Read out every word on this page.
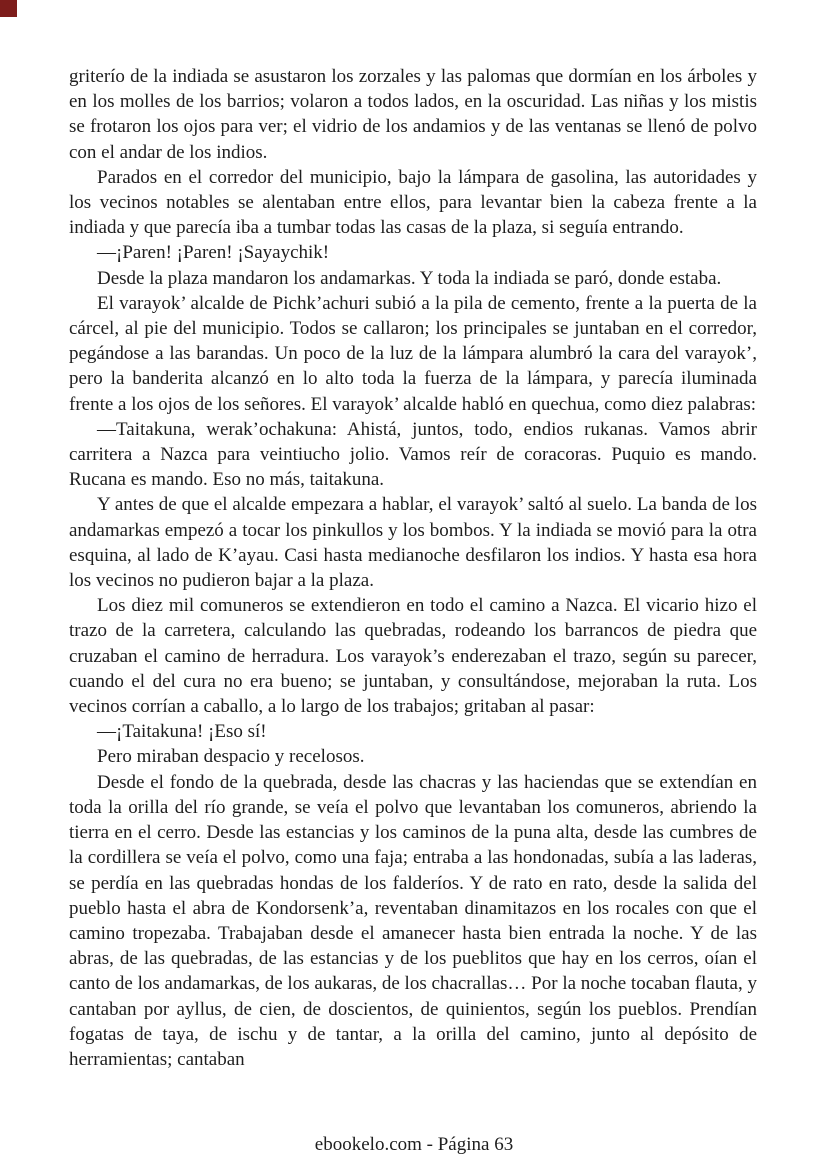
griterío de la indiada se asustaron los zorzales y las palomas que dormían en los árboles y en los molles de los barrios; volaron a todos lados, en la oscuridad. Las niñas y los mistis se frotaron los ojos para ver; el vidrio de los andamios y de las ventanas se llenó de polvo con el andar de los indios.

Parados en el corredor del municipio, bajo la lámpara de gasolina, las autoridades y los vecinos notables se alentaban entre ellos, para levantar bien la cabeza frente a la indiada y que parecía iba a tumbar todas las casas de la plaza, si seguía entrando.

—¡Paren! ¡Paren! ¡Sayaychik!

Desde la plaza mandaron los andamarkas. Y toda la indiada se paró, donde estaba.

El varayok’ alcalde de Pichk’achuri subió a la pila de cemento, frente a la puerta de la cárcel, al pie del municipio. Todos se callaron; los principales se juntaban en el corredor, pegándose a las barandas. Un poco de la luz de la lámpara alumbró la cara del varayok’, pero la banderita alcanzó en lo alto toda la fuerza de la lámpara, y parecía iluminada frente a los ojos de los señores. El varayok’ alcalde habló en quechua, como diez palabras:

—Taitakuna, werak’ochakuna: Ahistá, juntos, todo, endios rukanas. Vamos abrir carritera a Nazca para veintiucho jolio. Vamos reír de coracoras. Puquio es mando. Rucana es mando. Eso no más, taitakuna.

Y antes de que el alcalde empezara a hablar, el varayok’ saltó al suelo. La banda de los andamarkas empezó a tocar los pinkullos y los bombos. Y la indiada se movió para la otra esquina, al lado de K’ayau. Casi hasta medianoche desfilaron los indios. Y hasta esa hora los vecinos no pudieron bajar a la plaza.

Los diez mil comuneros se extendieron en todo el camino a Nazca. El vicario hizo el trazo de la carretera, calculando las quebradas, rodeando los barrancos de piedra que cruzaban el camino de herradura. Los varayok’s enderezaban el trazo, según su parecer, cuando el del cura no era bueno; se juntaban, y consultándose, mejoraban la ruta. Los vecinos corrían a caballo, a lo largo de los trabajos; gritaban al pasar:

—¡Taitakuna! ¡Eso sí!

Pero miraban despacio y recelosos.

Desde el fondo de la quebrada, desde las chacras y las haciendas que se extendían en toda la orilla del río grande, se veía el polvo que levantaban los comuneros, abriendo la tierra en el cerro. Desde las estancias y los caminos de la puna alta, desde las cumbres de la cordillera se veía el polvo, como una faja; entraba a las hondonadas, subía a las laderas, se perdía en las quebradas hondas de los falderíos. Y de rato en rato, desde la salida del pueblo hasta el abra de Kondorsenk’a, reventaban dinamitazos en los rocales con que el camino tropezaba. Trabajaban desde el amanecer hasta bien entrada la noche. Y de las abras, de las quebradas, de las estancias y de los pueblitos que hay en los cerros, oían el canto de los andamarkas, de los aukaras, de los chacrallas… Por la noche tocaban flauta, y cantaban por ayllus, de cien, de doscientos, de quinientos, según los pueblos. Prendían fogatas de taya, de ischu y de tantar, a la orilla del camino, junto al depósito de herramientas; cantaban

ebookelo.com - Página 63
